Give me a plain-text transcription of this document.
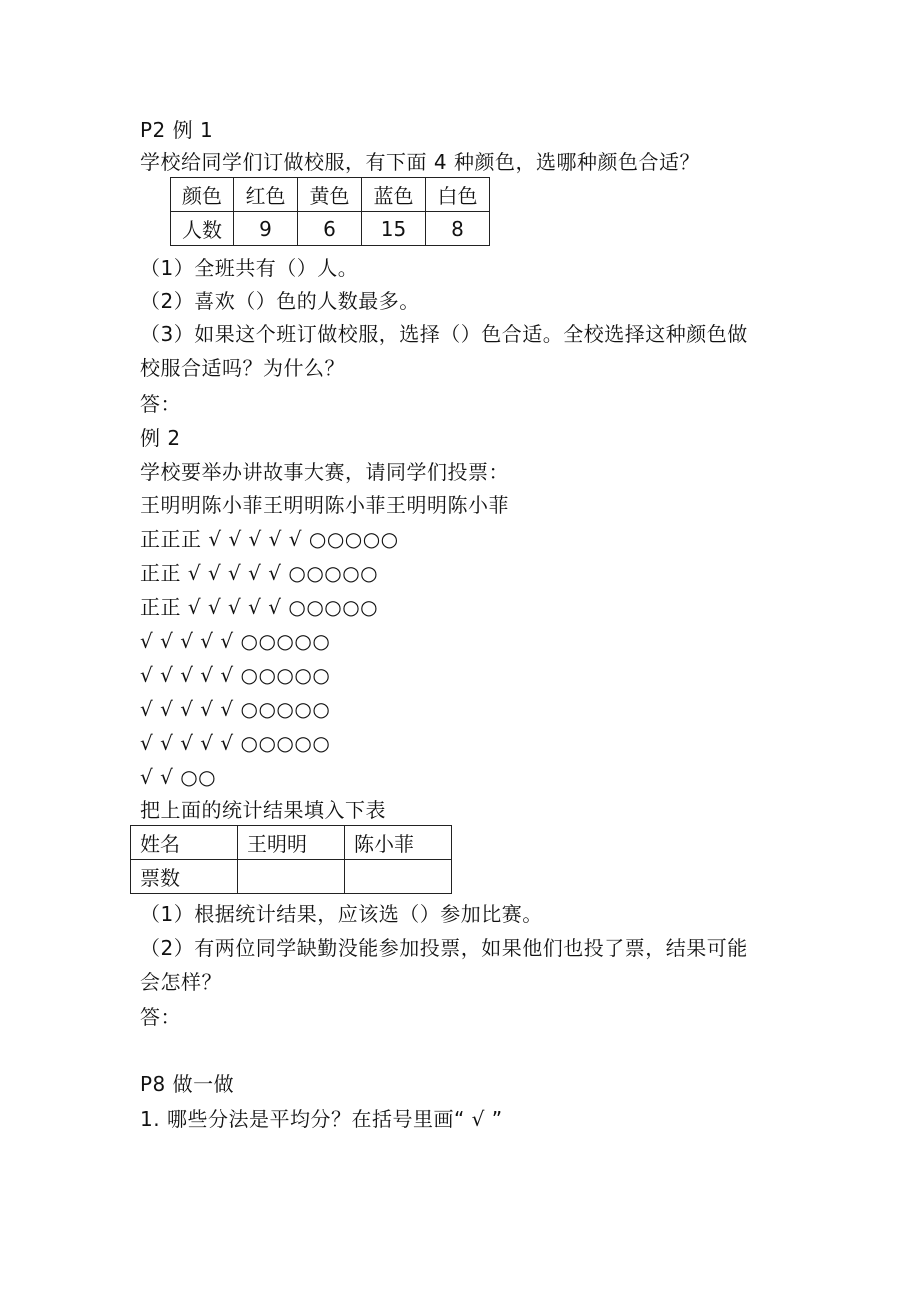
P2 例 1
学校给同学们订做校服，有下面 4 种颜色，选哪种颜色合适？
颜色	红色	黄色	蓝色	白色
人数	9	6	15	8
（1）全班共有（）人。
（2）喜欢（）色的人数最多。
（3）如果这个班订做校服，选择（）色合适。全校选择这种颜色做
校服合适吗？为什么？
答：
例 2
学校要举办讲故事大赛，请同学们投票：
王明明陈小菲王明明陈小菲王明明陈小菲
正正正 √ √ √ √ √ ○○○○○
正正 √ √ √ √ √ ○○○○○
正正 √ √ √ √ √ ○○○○○
√ √ √ √ √ ○○○○○
√ √ √ √ √ ○○○○○
√ √ √ √ √ ○○○○○
√ √ √ √ √ ○○○○○
√ √ ○○
把上面的统计结果填入下表
姓名	王明明	陈小菲
票数		
（1）根据统计结果，应该选（）参加比赛。
（2）有两位同学缺勤没能参加投票，如果他们也投了票，结果可能
会怎样？
答：
P8 做一做
1. 哪些分法是平均分？在括号里画“ √ ”
